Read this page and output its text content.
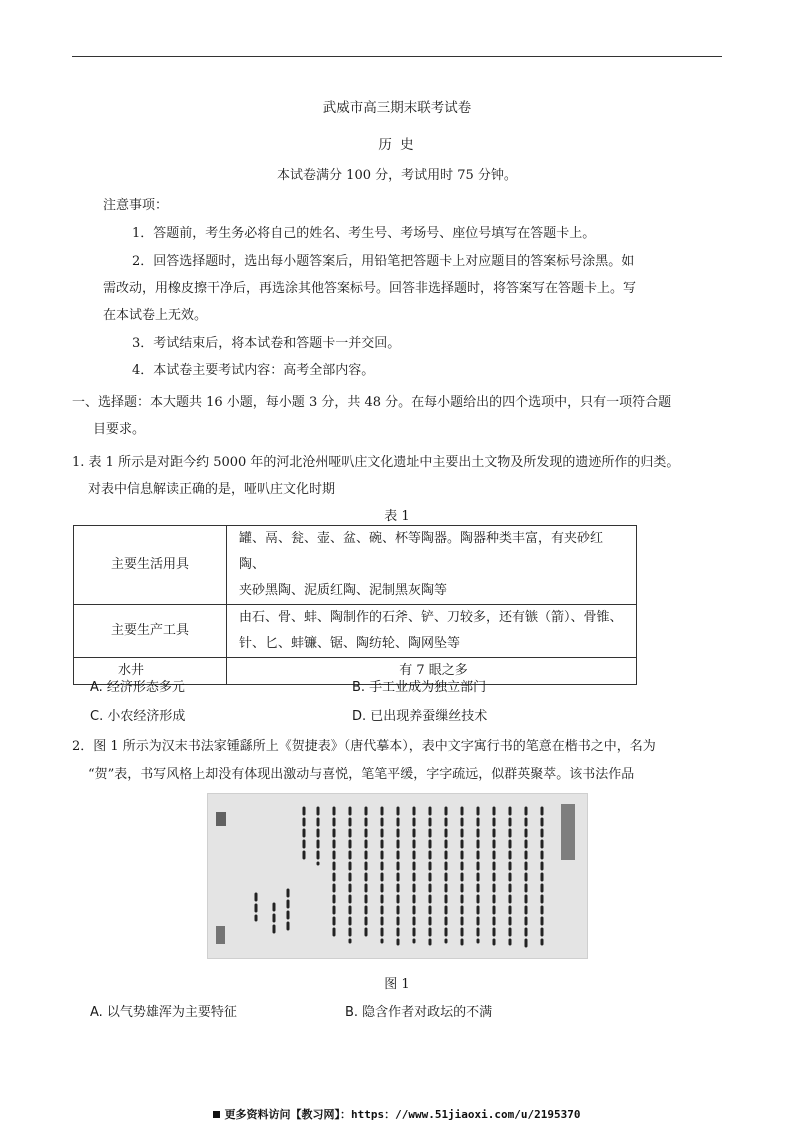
武威市高三期末联考试卷
历 史
本试卷满分 100 分，考试用时 75 分钟。
注意事项：
1．答题前，考生务必将自己的姓名、考生号、考场号、座位号填写在答题卡上。
2．回答选择题时，选出每小题答案后，用铅笔把答题卡上对应题目的答案标号涂黑。如
需改动，用橡皮擦干净后，再选涂其他答案标号。回答非选择题时，将答案写在答题卡上。写
在本试卷上无效。
3．考试结束后，将本试卷和答题卡一并交回。
4．本试卷主要考试内容：高考全部内容。
一、选择题：本大题共 16 小题，每小题 3 分，共 48 分。在每小题给出的四个选项中，只有一项符合题
目要求。
1. 表 1 所示是对距今约 5000 年的河北沧州哑叭庄文化遗址中主要出土文物及所发现的遗迹所作的归类。
对表中信息解读正确的是，哑叭庄文化时期
表 1
主要生活用具	罐、鬲、瓮、壶、盆、碗、杯等陶器。陶器种类丰富，有夹砂红陶、
夹砂黑陶、泥质红陶、泥制黑灰陶等

主要生产工具	由石、骨、蚌、陶制作的石斧、铲、刀较多，还有镞（箭）、骨锥、
针、匕、蚌镰、锯、陶纺轮、陶网坠等

水井	有 7 眼之多
A. 经济形态多元	B. 手工业成为独立部门
C. 小农经济形成	D. 已出现养蚕缫丝技术
2．图 1 所示为汉末书法家锺繇所上《贺捷表》（唐代摹本），表中文字寓行书的笔意在楷书之中，名为
“贺”表，书写风格上却没有体现出激动与喜悦，笔笔平缓，字字疏远，似群英聚萃。该书法作品
图 1
A. 以气势雄浑为主要特征	B. 隐含作者对政坛的不满
更多资料访问【教习网】：https：//www.51jiaoxi.com/u/2195370
